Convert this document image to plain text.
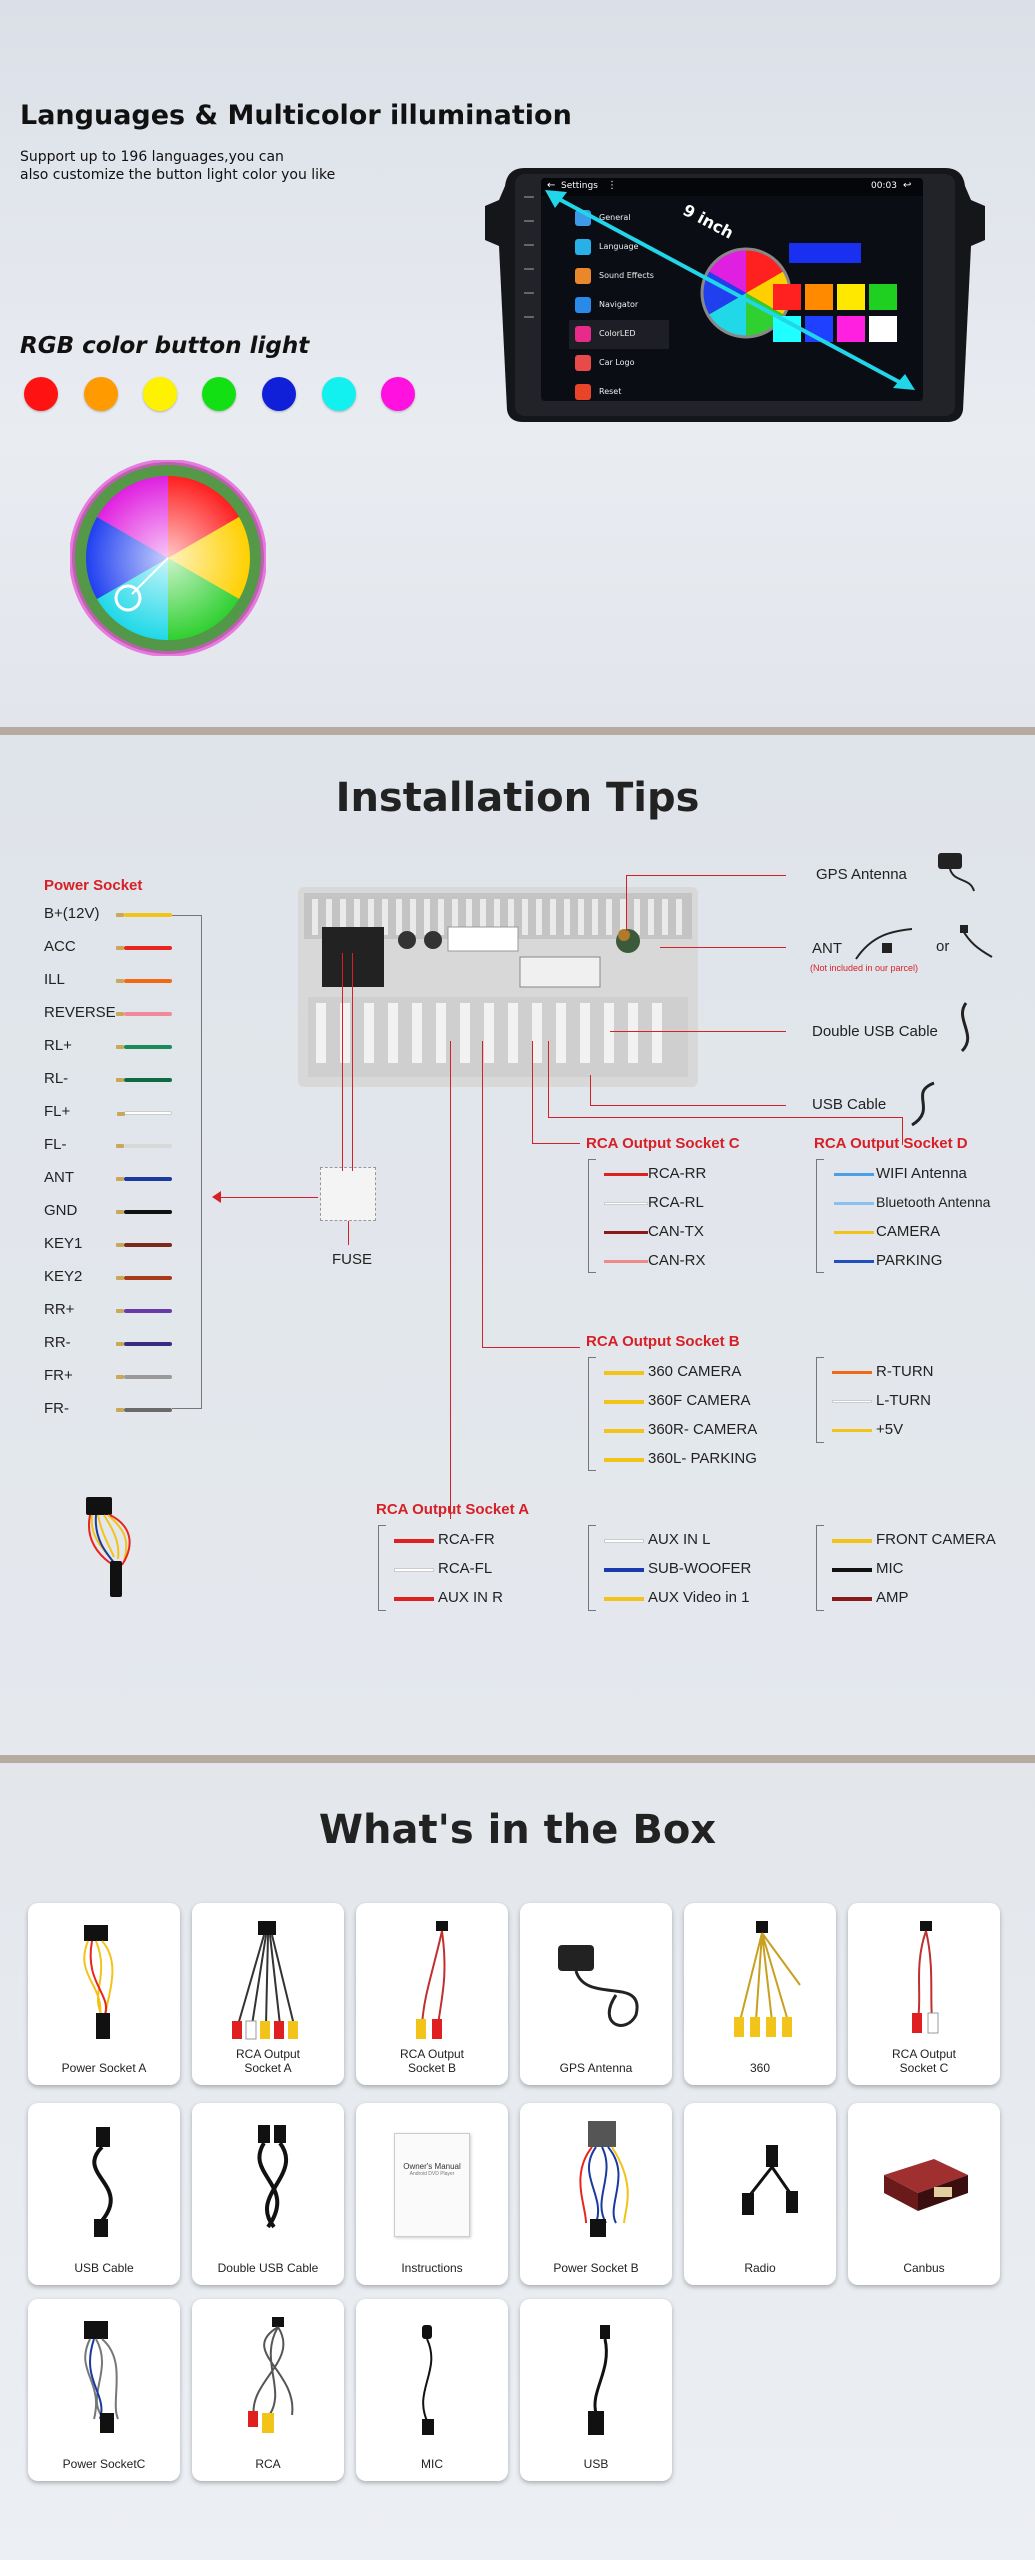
Languages & Multicolor illumination
Support up to 196 languages,you can
also customize the button light color you like
RGB color button light
← Settings ⋮	00:03 ↩
General
Language
Sound Effects
Navigator
ColorLED
Car Logo
Reset
9 inch
Installation Tips
Power Socket
B+(12V)
ACC
ILL
REVERSE
RL+
RL-
FL+
FL-
ANT
GND
KEY1
KEY2
RR+
RR-
FR+
FR-
FUSE
GPS Antenna
ANT
(Not included in our parcel)
or
Double USB Cable
USB Cable
RCA Output Socket C
RCA-RR
RCA-RL
CAN-TX
CAN-RX
RCA Output Socket D
WIFI Antenna
Bluetooth Antenna
CAMERA
PARKING
RCA Output Socket B
360 CAMERA
360F CAMERA
360R- CAMERA
360L- PARKING
R-TURN
L-TURN
+5V
RCA Output Socket A
RCA-FR
RCA-FL
AUX IN R
AUX IN L
SUB-WOOFER
AUX Video in 1
FRONT CAMERA
MIC
AMP
What's in the Box
Power Socket A
RCA Output
Socket A
RCA Output
Socket B	GPS Antenna	360
RCA Output
Socket C
USB Cable	Double USB Cable
Owner's Manual
Android DVD Player
Instructions	Power Socket B	Radio	Canbus
Power SocketC	RCA	MIC	USB
